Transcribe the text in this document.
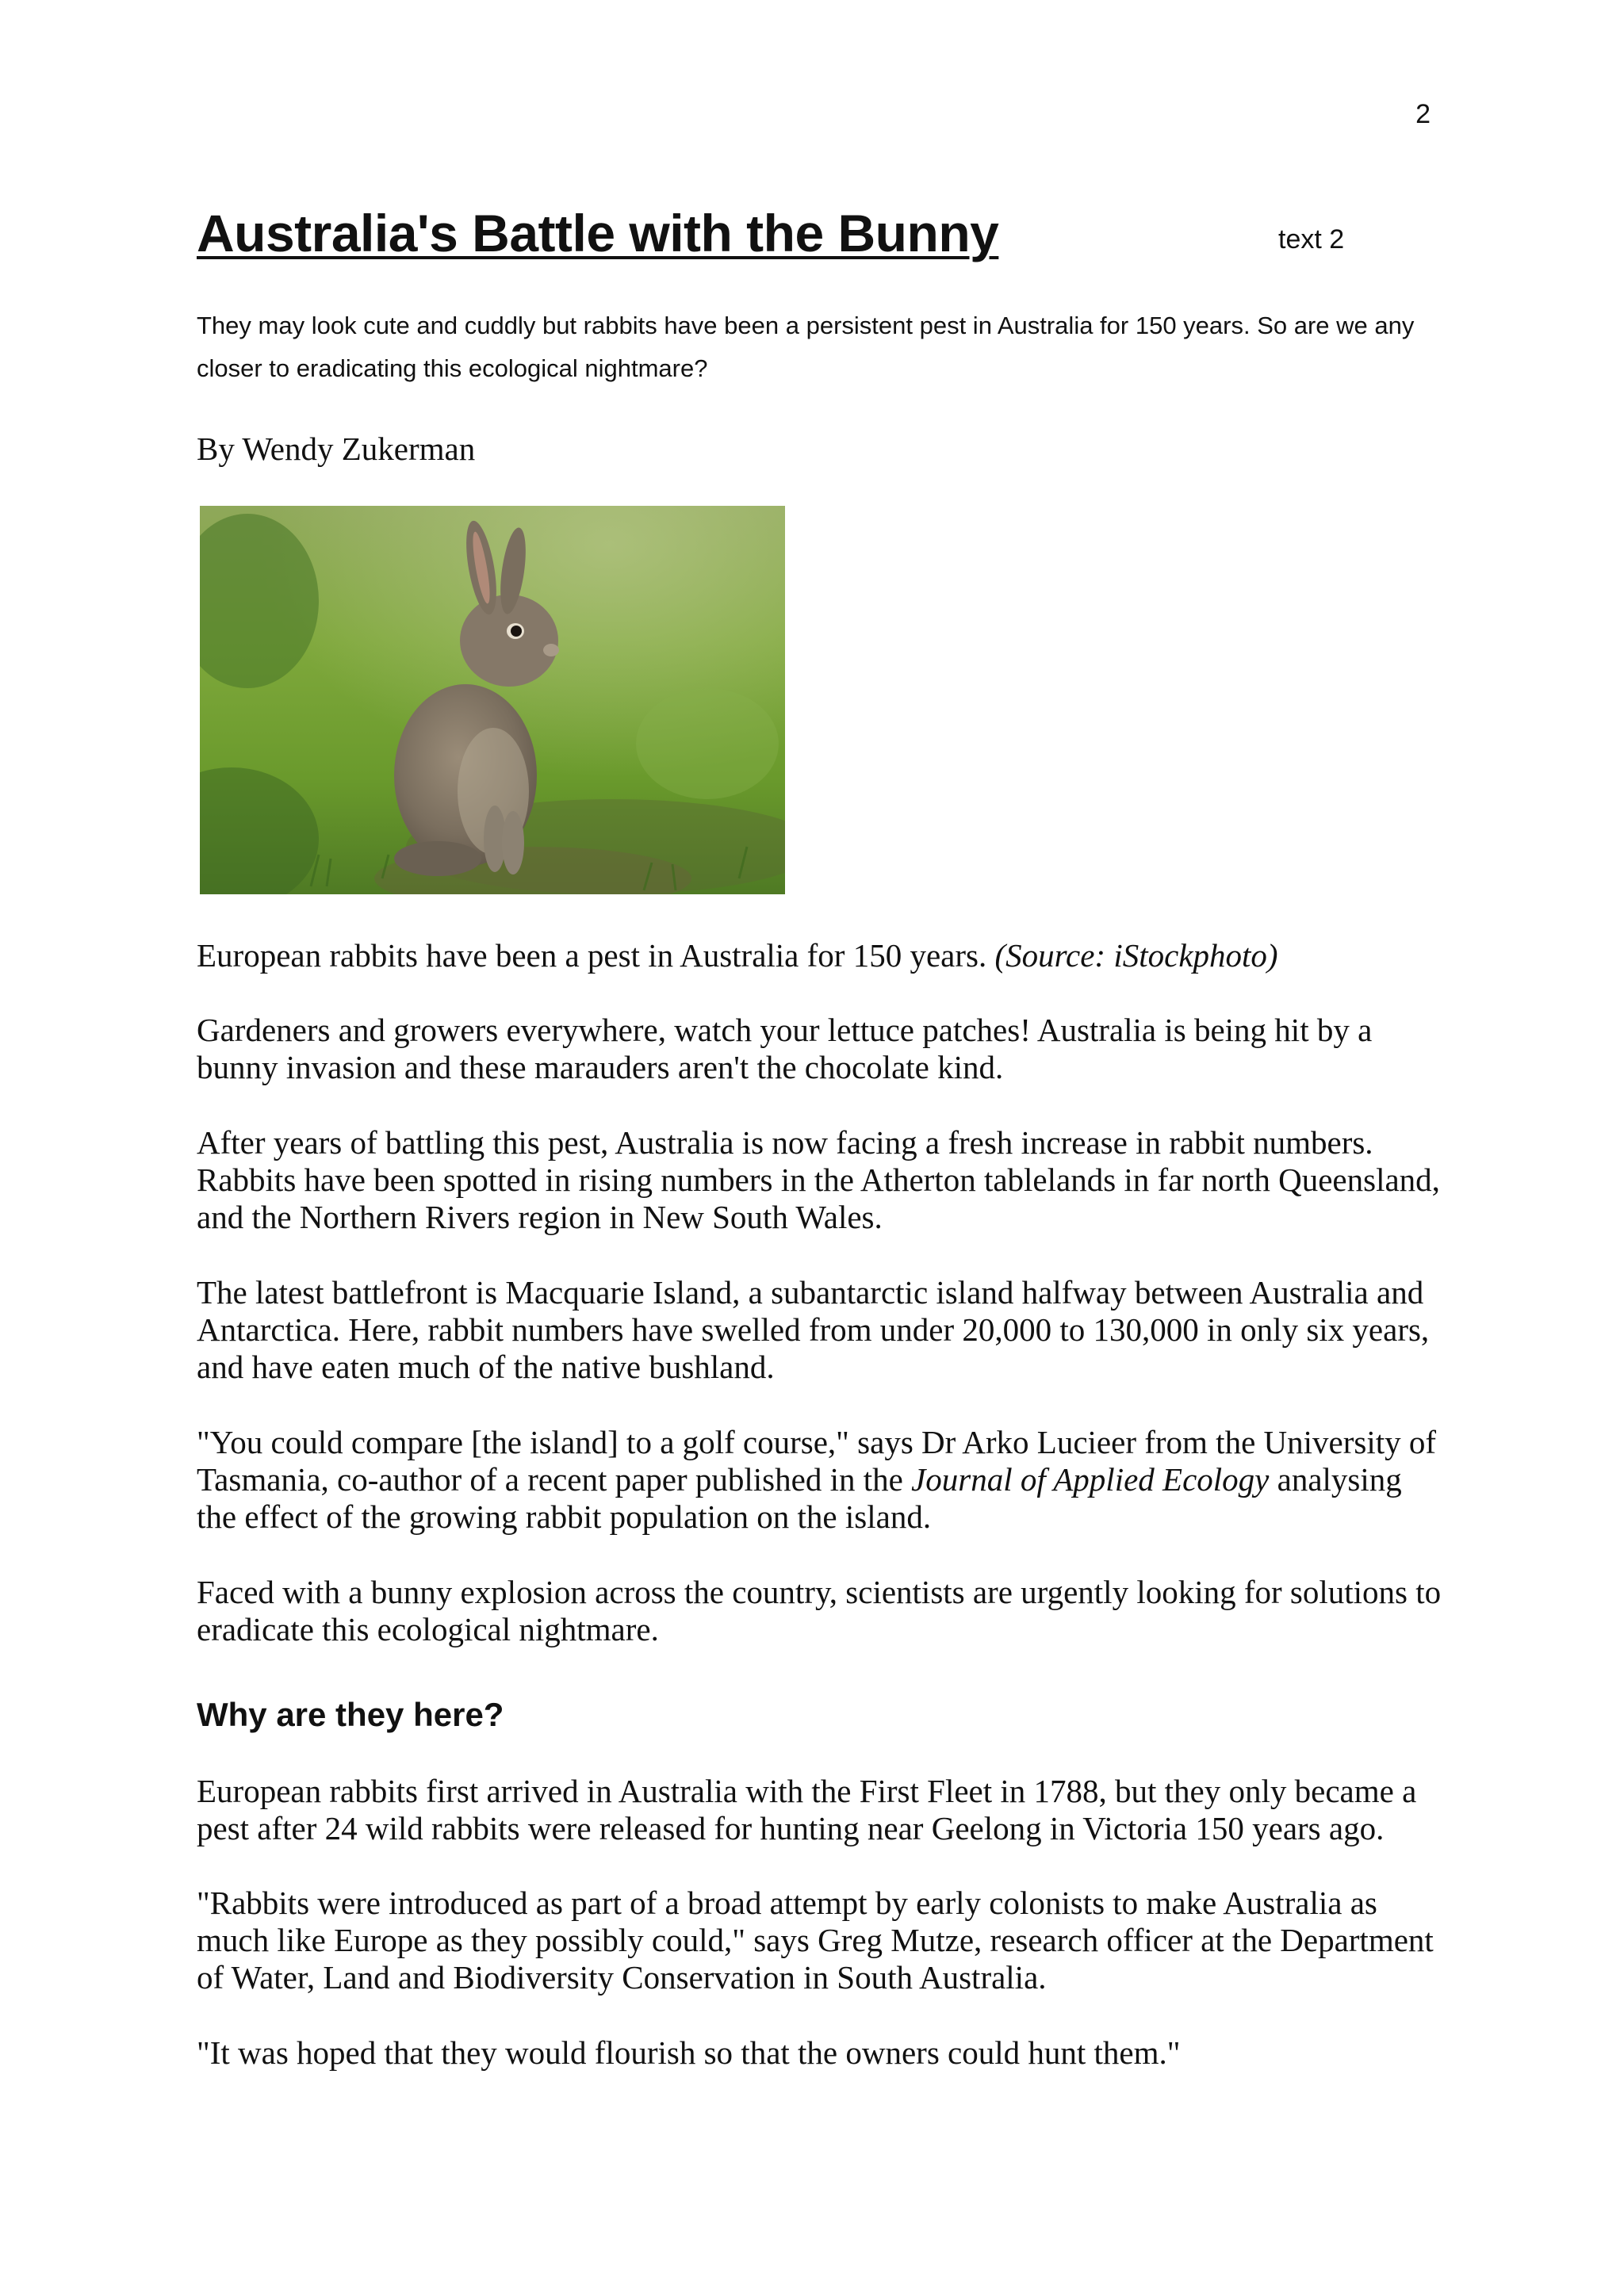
2
Australia's Battle with the Bunny	text 2

They may look cute and cuddly but rabbits have been a persistent pest in Australia for 150 years. So are we any closer to eradicating this ecological nightmare?

By Wendy Zukerman

European rabbits have been a pest in Australia for 150 years. (Source: iStockphoto)

Gardeners and growers everywhere, watch your lettuce patches! Australia is being hit by a bunny invasion and these marauders aren't the chocolate kind.

After years of battling this pest, Australia is now facing a fresh increase in rabbit numbers. Rabbits have been spotted in rising numbers in the Atherton tablelands in far north Queensland, and the Northern Rivers region in New South Wales.

The latest battlefront is Macquarie Island, a subantarctic island halfway between Australia and Antarctica. Here, rabbit numbers have swelled from under 20,000 to 130,000 in only six years, and have eaten much of the native bushland.

"You could compare [the island] to a golf course," says Dr Arko Lucieer from the University of Tasmania, co-author of a recent paper published in the Journal of Applied Ecology analysing the effect of the growing rabbit population on the island.

Faced with a bunny explosion across the country, scientists are urgently looking for solutions to eradicate this ecological nightmare.

Why are they here?

European rabbits first arrived in Australia with the First Fleet in 1788, but they only became a pest after 24 wild rabbits were released for hunting near Geelong in Victoria 150 years ago.

"Rabbits were introduced as part of a broad attempt by early colonists to make Australia as much like Europe as they possibly could," says Greg Mutze, research officer at the Department of Water, Land and Biodiversity Conservation in South Australia.

"It was hoped that they would flourish so that the owners could hunt them."
